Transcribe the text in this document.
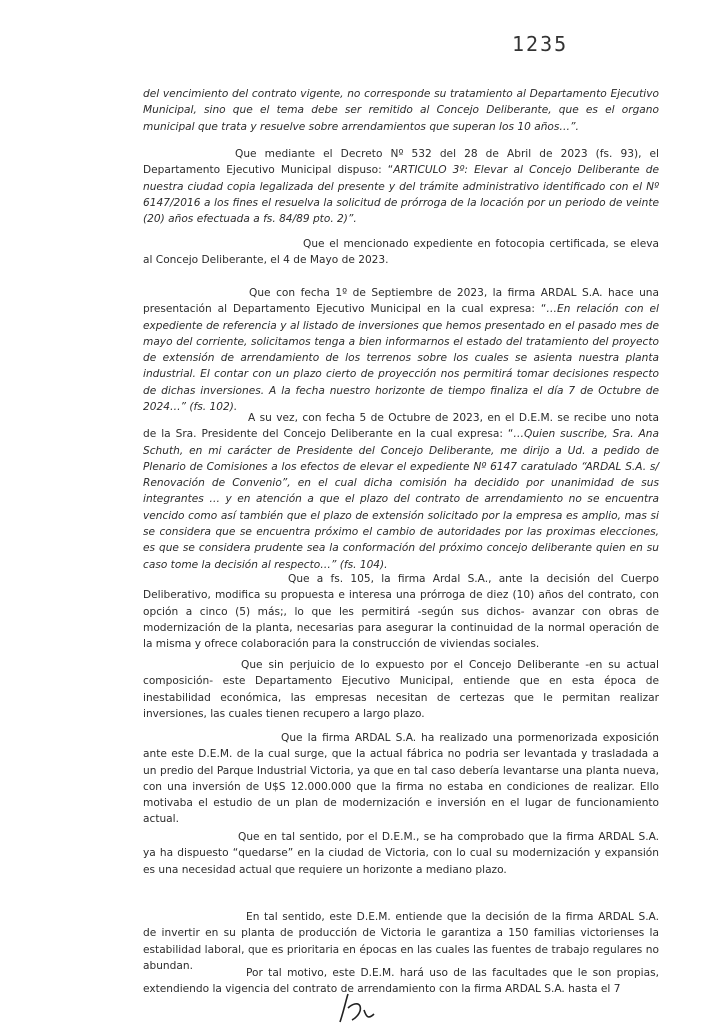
1235

del vencimiento del contrato vigente, no corresponde su tratamiento al Departamento Ejecutivo Municipal, sino que el tema debe ser remitido al Concejo Deliberante, que es el organo municipal que trata y resuelve sobre arrendamientos que superan los 10 años…”.

Que mediante el Decreto Nº 532 del 28 de Abril de 2023 (fs. 93), el Departamento Ejecutivo Municipal dispuso: “ARTICULO 3º: Elevar al Concejo Deliberante de nuestra ciudad copia legalizada del presente y del trámite administrativo identificado con el Nº 6147/2016 a los fines el resuelva la solicitud de prórroga de la locación por un periodo de veinte (20) años efectuada a fs. 84/89 pto. 2)”.

Que el mencionado expediente en fotocopia certificada, se eleva al Concejo Deliberante, el 4 de Mayo de 2023.

Que con fecha 1º de Septiembre de 2023, la firma ARDAL S.A. hace una presentación al Departamento Ejecutivo Municipal en la cual expresa: “…En relación con el expediente de referencia y al listado de inversiones que hemos presentado en el pasado mes de mayo del corriente, solicitamos tenga a bien informarnos el estado del tratamiento del proyecto de extensión de arrendamiento de los terrenos sobre los cuales se asienta nuestra planta industrial. El contar con un plazo cierto de proyección nos permitirá tomar decisiones respecto de dichas inversiones. A la fecha nuestro horizonte de tiempo finaliza el día 7 de Octubre de 2024…” (fs. 102).

A su vez, con fecha 5 de Octubre de 2023, en el D.E.M. se recibe uno nota de la Sra. Presidente del Concejo Deliberante en la cual expresa: “…Quien suscribe, Sra. Ana Schuth, en mi carácter de Presidente del Concejo Deliberante, me dirijo a Ud. a pedido de Plenario de Comisiones a los efectos de elevar el expediente Nº 6147 caratulado “ARDAL S.A. s/ Renovación de Convenio”, en el cual dicha comisión ha decidido por unanimidad de sus integrantes … y en atención a que el plazo del contrato de arrendamiento no se encuentra vencido como así también que el plazo de extensión solicitado por la empresa es amplio, mas si se considera que se encuentra próximo el cambio de autoridades por las proximas elecciones, es que se considera prudente sea la conformación del próximo concejo deliberante quien en su caso tome la decisión al respecto…” (fs. 104).

Que a fs. 105, la firma Ardal S.A., ante la decisión del Cuerpo Deliberativo, modifica su propuesta e interesa una prórroga de diez (10) años del contrato, con opción a cinco (5) más;, lo que les permitirá -según sus dichos- avanzar con obras de modernización de la planta, necesarias para asegurar la continuidad de la normal operación de la misma y ofrece colaboración para la construcción de viviendas sociales.

Que sin perjuicio de lo expuesto por el Concejo Deliberante -en su actual composición- este Departamento Ejecutivo Municipal, entiende que en esta época de inestabilidad económica, las empresas necesitan de certezas que le permitan realizar inversiones, las cuales tienen recupero a largo plazo.

Que la firma ARDAL S.A. ha realizado una pormenorizada exposición ante este D.E.M. de la cual surge, que la actual fábrica no podria ser levantada y trasladada a un predio del Parque Industrial Victoria, ya que en tal caso debería levantarse una planta nueva, con una inversión de U$S 12.000.000 que la firma no estaba en condiciones de realizar. Ello motivaba el estudio de un plan de modernización e inversión en el lugar de funcionamiento actual.

Que en tal sentido, por el D.E.M., se ha comprobado que la firma ARDAL S.A. ya ha dispuesto “quedarse” en la ciudad de Victoria, con lo cual su modernización y expansión es una necesidad actual que requiere un horizonte a mediano plazo.

En tal sentido, este D.E.M. entiende que la decisión de la firma ARDAL S.A. de invertir en su planta de producción de Victoria le garantiza a 150 familias victorienses la estabilidad laboral, que es prioritaria en épocas en las cuales las fuentes de trabajo regulares no abundan.

Por tal motivo, este D.E.M. hará uso de las facultades que le son propias, extendiendo la vigencia del contrato de arrendamiento con la firma ARDAL S.A. hasta el 7
